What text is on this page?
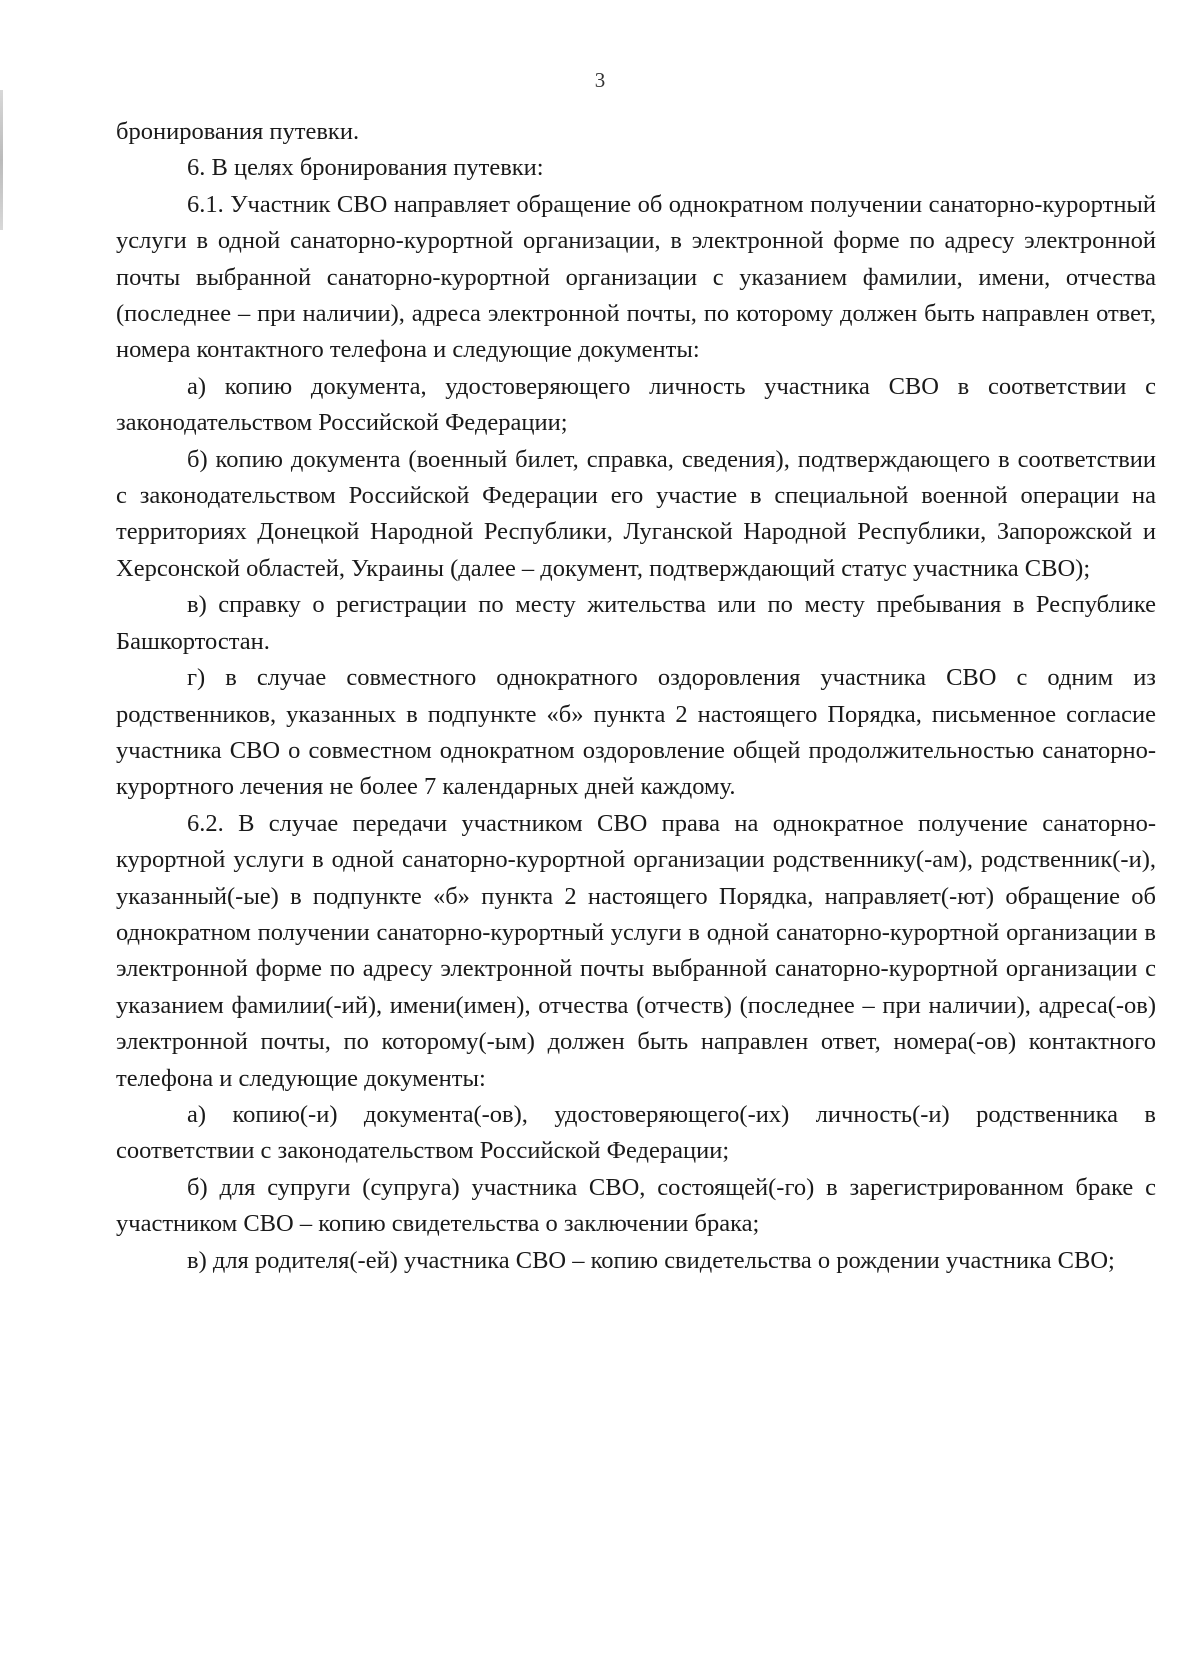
3

бронирования путевки.

6. В целях бронирования путевки:

6.1. Участник СВО направляет обращение об однократном получении санаторно-курортный услуги в одной санаторно-курортной организации, в электронной форме по адресу электронной почты выбранной санаторно-курортной организации с указанием фамилии, имени, отчества (последнее – при наличии), адреса электронной почты, по которому должен быть направлен ответ, номера контактного телефона и следующие документы:

а) копию документа, удостоверяющего личность участника СВО в соответствии с законодательством Российской Федерации;

б) копию документа (военный билет, справка, сведения), подтверждающего в соответствии с законодательством Российской Федерации его участие в специальной военной операции на территориях Донецкой Народной Республики, Луганской Народной Республики, Запорожской и Херсонской областей, Украины (далее – документ, подтверждающий статус участника СВО);

в) справку о регистрации по месту жительства или по месту пребывания в Республике Башкортостан.

г) в случае совместного однократного оздоровления участника СВО с одним из родственников, указанных в подпункте «б» пункта 2 настоящего Порядка, письменное согласие участника СВО о совместном однократном оздоровление общей продолжительностью санаторно-курортного лечения не более 7 календарных дней каждому.

6.2. В случае передачи участником СВО права на однократное получение санаторно-курортной услуги в одной санаторно-курортной организации родственнику(-ам), родственник(-и), указанный(-ые) в подпункте «б» пункта 2 настоящего Порядка, направляет(-ют) обращение об однократном получении санаторно-курортный услуги в одной санаторно-курортной организации в электронной форме по адресу электронной почты выбранной санаторно-курортной организации с указанием фамилии(-ий), имени(имен), отчества (отчеств) (последнее – при наличии), адреса(-ов) электронной почты, по которому(-ым) должен быть направлен ответ, номера(-ов) контактного телефона и следующие документы:

а) копию(-и) документа(-ов), удостоверяющего(-их) личность(-и) родственника в соответствии с законодательством Российской Федерации;

б) для супруги (супруга) участника СВО, состоящей(-го) в зарегистрированном браке с участником СВО – копию свидетельства о заключении брака;

в) для родителя(-ей) участника СВО – копию свидетельства о рождении участника СВО;
